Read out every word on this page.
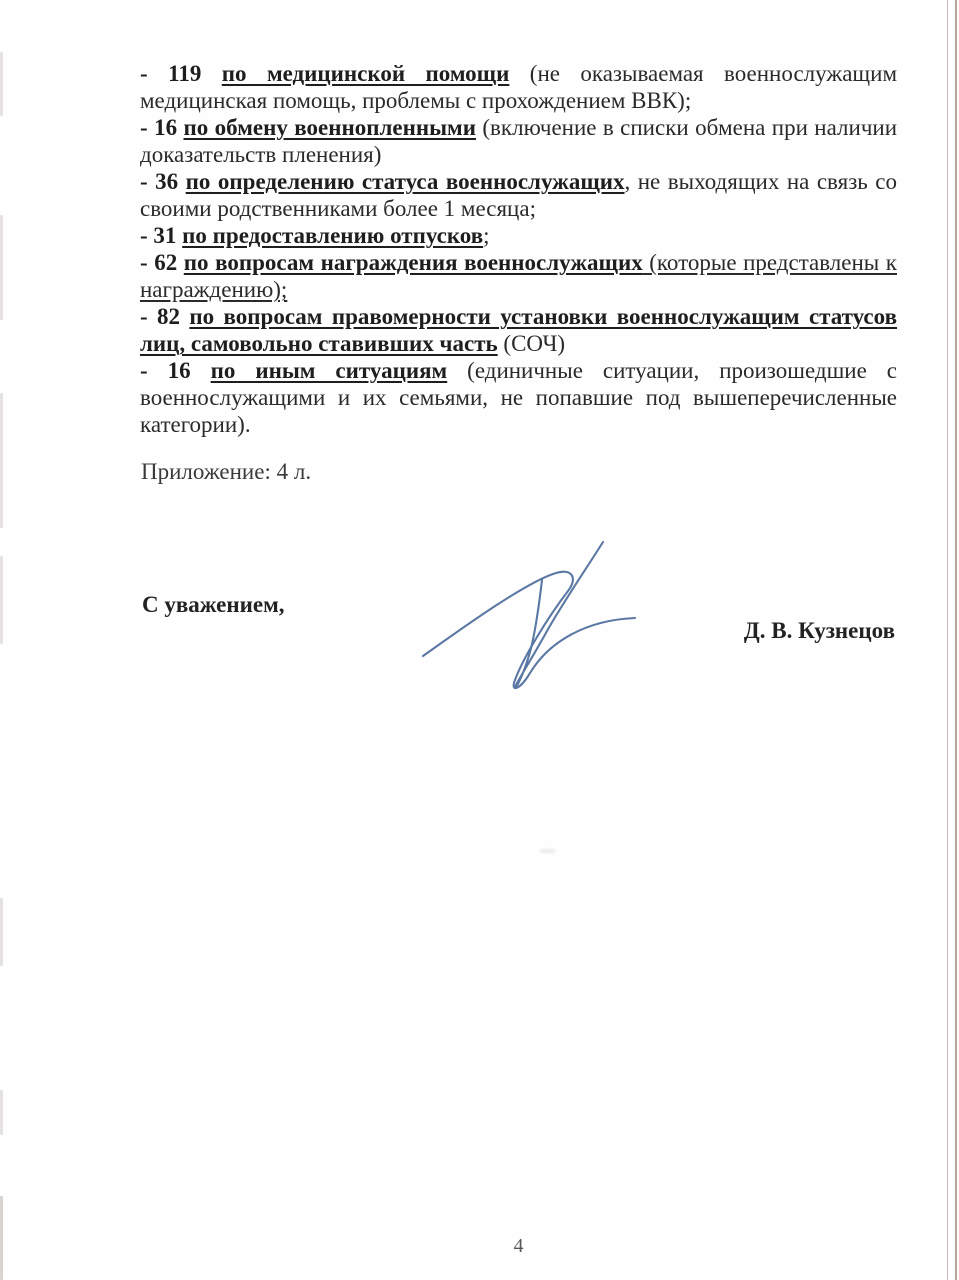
- 119 по медицинской помощи (не оказываемая военнослужащим медицинская помощь, проблемы с прохождением ВВК);

- 16 по обмену военнопленными (включение в списки обмена при наличии доказательств пленения)

- 36 по определению статуса военнослужащих, не выходящих на связь со своими родственниками более 1 месяца;

- 31 по предоставлению отпусков;

- 62 по вопросам награждения военнослужащих (которые представлены к награждению);

- 82 по вопросам правомерности установки военнослужащим статусов лиц, самовольно ставивших часть (СОЧ)

- 16 по иным ситуациям (единичные ситуации, произошедшие с военнослужащими и их семьями, не попавшие под вышеперечисленные категории).

Приложение: 4 л.
С уважением,
Д. В. Кузнецов
4
